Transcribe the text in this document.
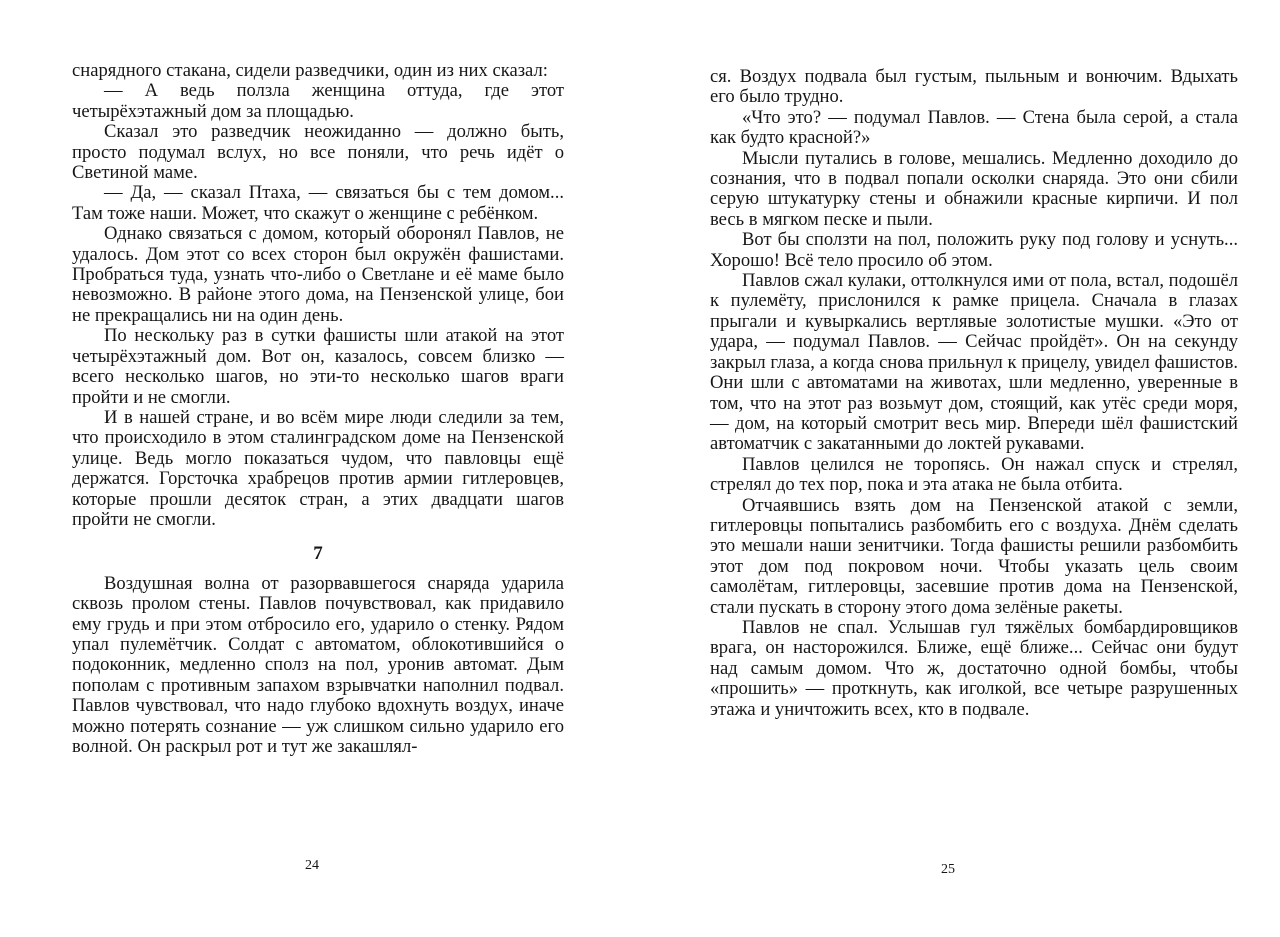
снарядного стакана, сидели разведчики, один из них сказал:

— А ведь ползла женщина оттуда, где этот четырёхэтажный дом за площадью.

Сказал это разведчик неожиданно — должно быть, просто подумал вслух, но все поняли, что речь идёт о Светиной маме.

— Да, — сказал Птаха, — связаться бы с тем домом... Там тоже наши. Может, что скажут о женщине с ребёнком.

Однако связаться с домом, который оборонял Павлов, не удалось. Дом этот со всех сторон был окружён фашистами. Пробраться туда, узнать что-либо о Светлане и её маме было невозможно. В районе этого дома, на Пензенской улице, бои не прекращались ни на один день.

По нескольку раз в сутки фашисты шли атакой на этот четырёхэтажный дом. Вот он, казалось, совсем близко — всего несколько шагов, но эти-то несколько шагов враги пройти и не смогли.

И в нашей стране, и во всём мире люди следили за тем, что происходило в этом сталинградском доме на Пензенской улице. Ведь могло показаться чудом, что павловцы ещё держатся. Горсточка храбрецов против армии гитлеровцев, которые прошли десяток стран, а этих двадцати шагов пройти не смогли.

7

Воздушная волна от разорвавшегося снаряда ударила сквозь пролом стены. Павлов почувствовал, как придавило ему грудь и при этом отбросило его, ударило о стенку. Рядом упал пулемётчик. Солдат с автоматом, облокотившийся о подоконник, медленно сполз на пол, уронив автомат. Дым пополам с противным запахом взрывчатки наполнил подвал. Павлов чувствовал, что надо глубоко вдохнуть воздух, иначе можно потерять сознание — уж слишком сильно ударило его волной. Он раскрыл рот и тут же закашлял-

24

ся. Воздух подвала был густым, пыльным и вонючим. Вдыхать его было трудно.

«Что это? — подумал Павлов. — Стена была серой, а стала как будто красной?»

Мысли путались в голове, мешались. Медленно доходило до сознания, что в подвал попали осколки снаряда. Это они сбили серую штукатурку стены и обнажили красные кирпичи. И пол весь в мягком песке и пыли.

Вот бы сползти на пол, положить руку под голову и уснуть... Хорошо! Всё тело просило об этом.

Павлов сжал кулаки, оттолкнулся ими от пола, встал, подошёл к пулемёту, прислонился к рамке прицела. Сначала в глазах прыгали и кувыркались вертлявые золотистые мушки. «Это от удара, — подумал Павлов. — Сейчас пройдёт». Он на секунду закрыл глаза, а когда снова прильнул к прицелу, увидел фашистов. Они шли с автоматами на животах, шли медленно, уверенные в том, что на этот раз возьмут дом, стоящий, как утёс среди моря, — дом, на который смотрит весь мир. Впереди шёл фашистский автоматчик с закатанными до локтей рукавами.

Павлов целился не торопясь. Он нажал спуск и стрелял, стрелял до тех пор, пока и эта атака не была отбита.

Отчаявшись взять дом на Пензенской атакой с земли, гитлеровцы попытались разбомбить его с воздуха. Днём сделать это мешали наши зенитчики. Тогда фашисты решили разбомбить этот дом под покровом ночи. Чтобы указать цель своим самолётам, гитлеровцы, засевшие против дома на Пензенской, стали пускать в сторону этого дома зелёные ракеты.

Павлов не спал. Услышав гул тяжёлых бомбардировщиков врага, он насторожился. Ближе, ещё ближе... Сейчас они будут над самым домом. Что ж, достаточно одной бомбы, чтобы «прошить» — проткнуть, как иголкой, все четыре разрушенных этажа и уничтожить всех, кто в подвале.

25
